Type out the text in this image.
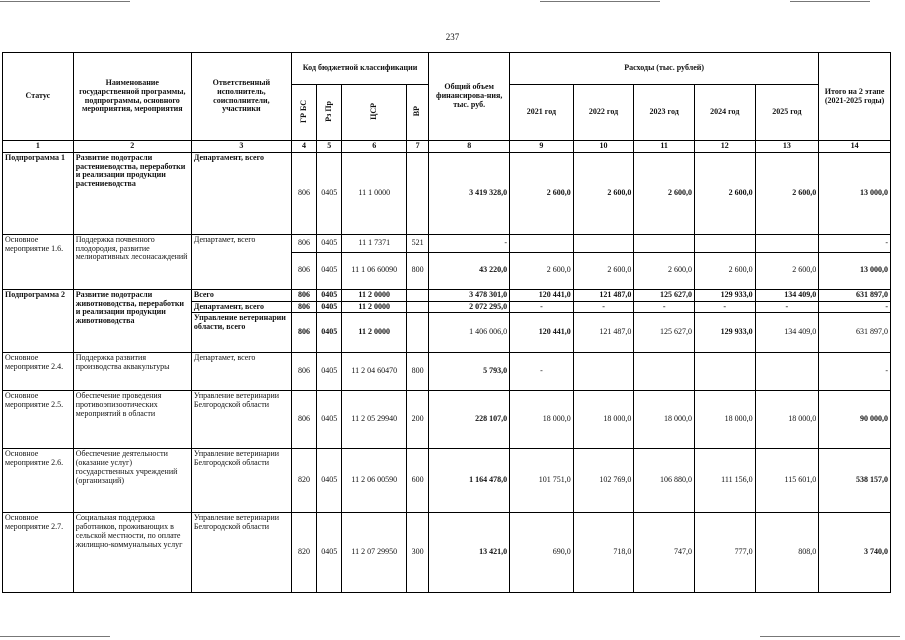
237
Статус	Наименование государственной программы, подпрограммы, основного мероприятия, мероприятия	Ответственный исполнитель, соисполнители, участники	Код бюджетной классификации				Общий объем финансирова-ния, тыс. руб.	Расходы (тыс. рублей)					Итого на 2 этапе (2021-2025 годы)
			ГР БС	Рз Пр	ЦСР	ВР		2021 год	2022 год	2023 год	2024 год	2025 год	
1	2	3	4	5	6	7	8	9	10	11	12	13	14
Подпрограмма 1	Развитие подотрасли растениеводства, переработки и реализации продукции растениеводства	Департамент, всего	806	0405	11 1 0000		3 419 328,0	2 600,0	2 600,0	2 600,0	2 600,0	2 600,0	13 000,0
Основное мероприятие 1.6.	Поддержка почвенного плодородия, развитие мелиоративных лесонасаждений	Департамет, всего	806	0405	11 1 7371	521	-						-
			806	0405	11 1 06 60090	800	43 220,0	2 600,0	2 600,0	2 600,0	2 600,0	2 600,0	13 000,0
Подпрограмма 2	Развитие подотрасли животноводства, переработки и реализации продукции животноводства	Всего	806	0405	11 2 0000		3 478 301,0	120 441,0	121 487,0	125 627,0	129 933,0	134 409,0	631 897,0
		Департамент, всего	806	0405	11 2 0000		2 072 295,0	-	-	-	-	-	-
		Управление ветеринарии области, всего	806	0405	11 2 0000		1 406 006,0	120 441,0	121 487,0	125 627,0	129 933,0	134 409,0	631 897,0
Основное мероприятие 2.4.	Поддержка развития производства аквакультуры	Департамет, всего	806	0405	11 2 04 60470	800	5 793,0	-					-
Основное мероприятие 2.5.	Обеспечение проведения противоэпизоотических мероприятий в области	Управление ветеринарии Белгородской области	806	0405	11 2 05 29940	200	228 107,0	18 000,0	18 000,0	18 000,0	18 000,0	18 000,0	90 000,0
Основное мероприятие 2.6.	Обеспечение деятельности (оказание услуг) государственных учреждений (организаций)	Управление ветеринарии Белгородской области	820	0405	11 2 06 00590	600	1 164 478,0	101 751,0	102 769,0	106 880,0	111 156,0	115 601,0	538 157,0
Основное мероприятие 2.7.	Социальная поддержка работников, проживающих в сельской местности, по оплате жилищно-коммунальных услуг	Управление ветеринарии Белгородской области	820	0405	11 2 07 29950	300	13 421,0	690,0	718,0	747,0	777,0	808,0	3 740,0
